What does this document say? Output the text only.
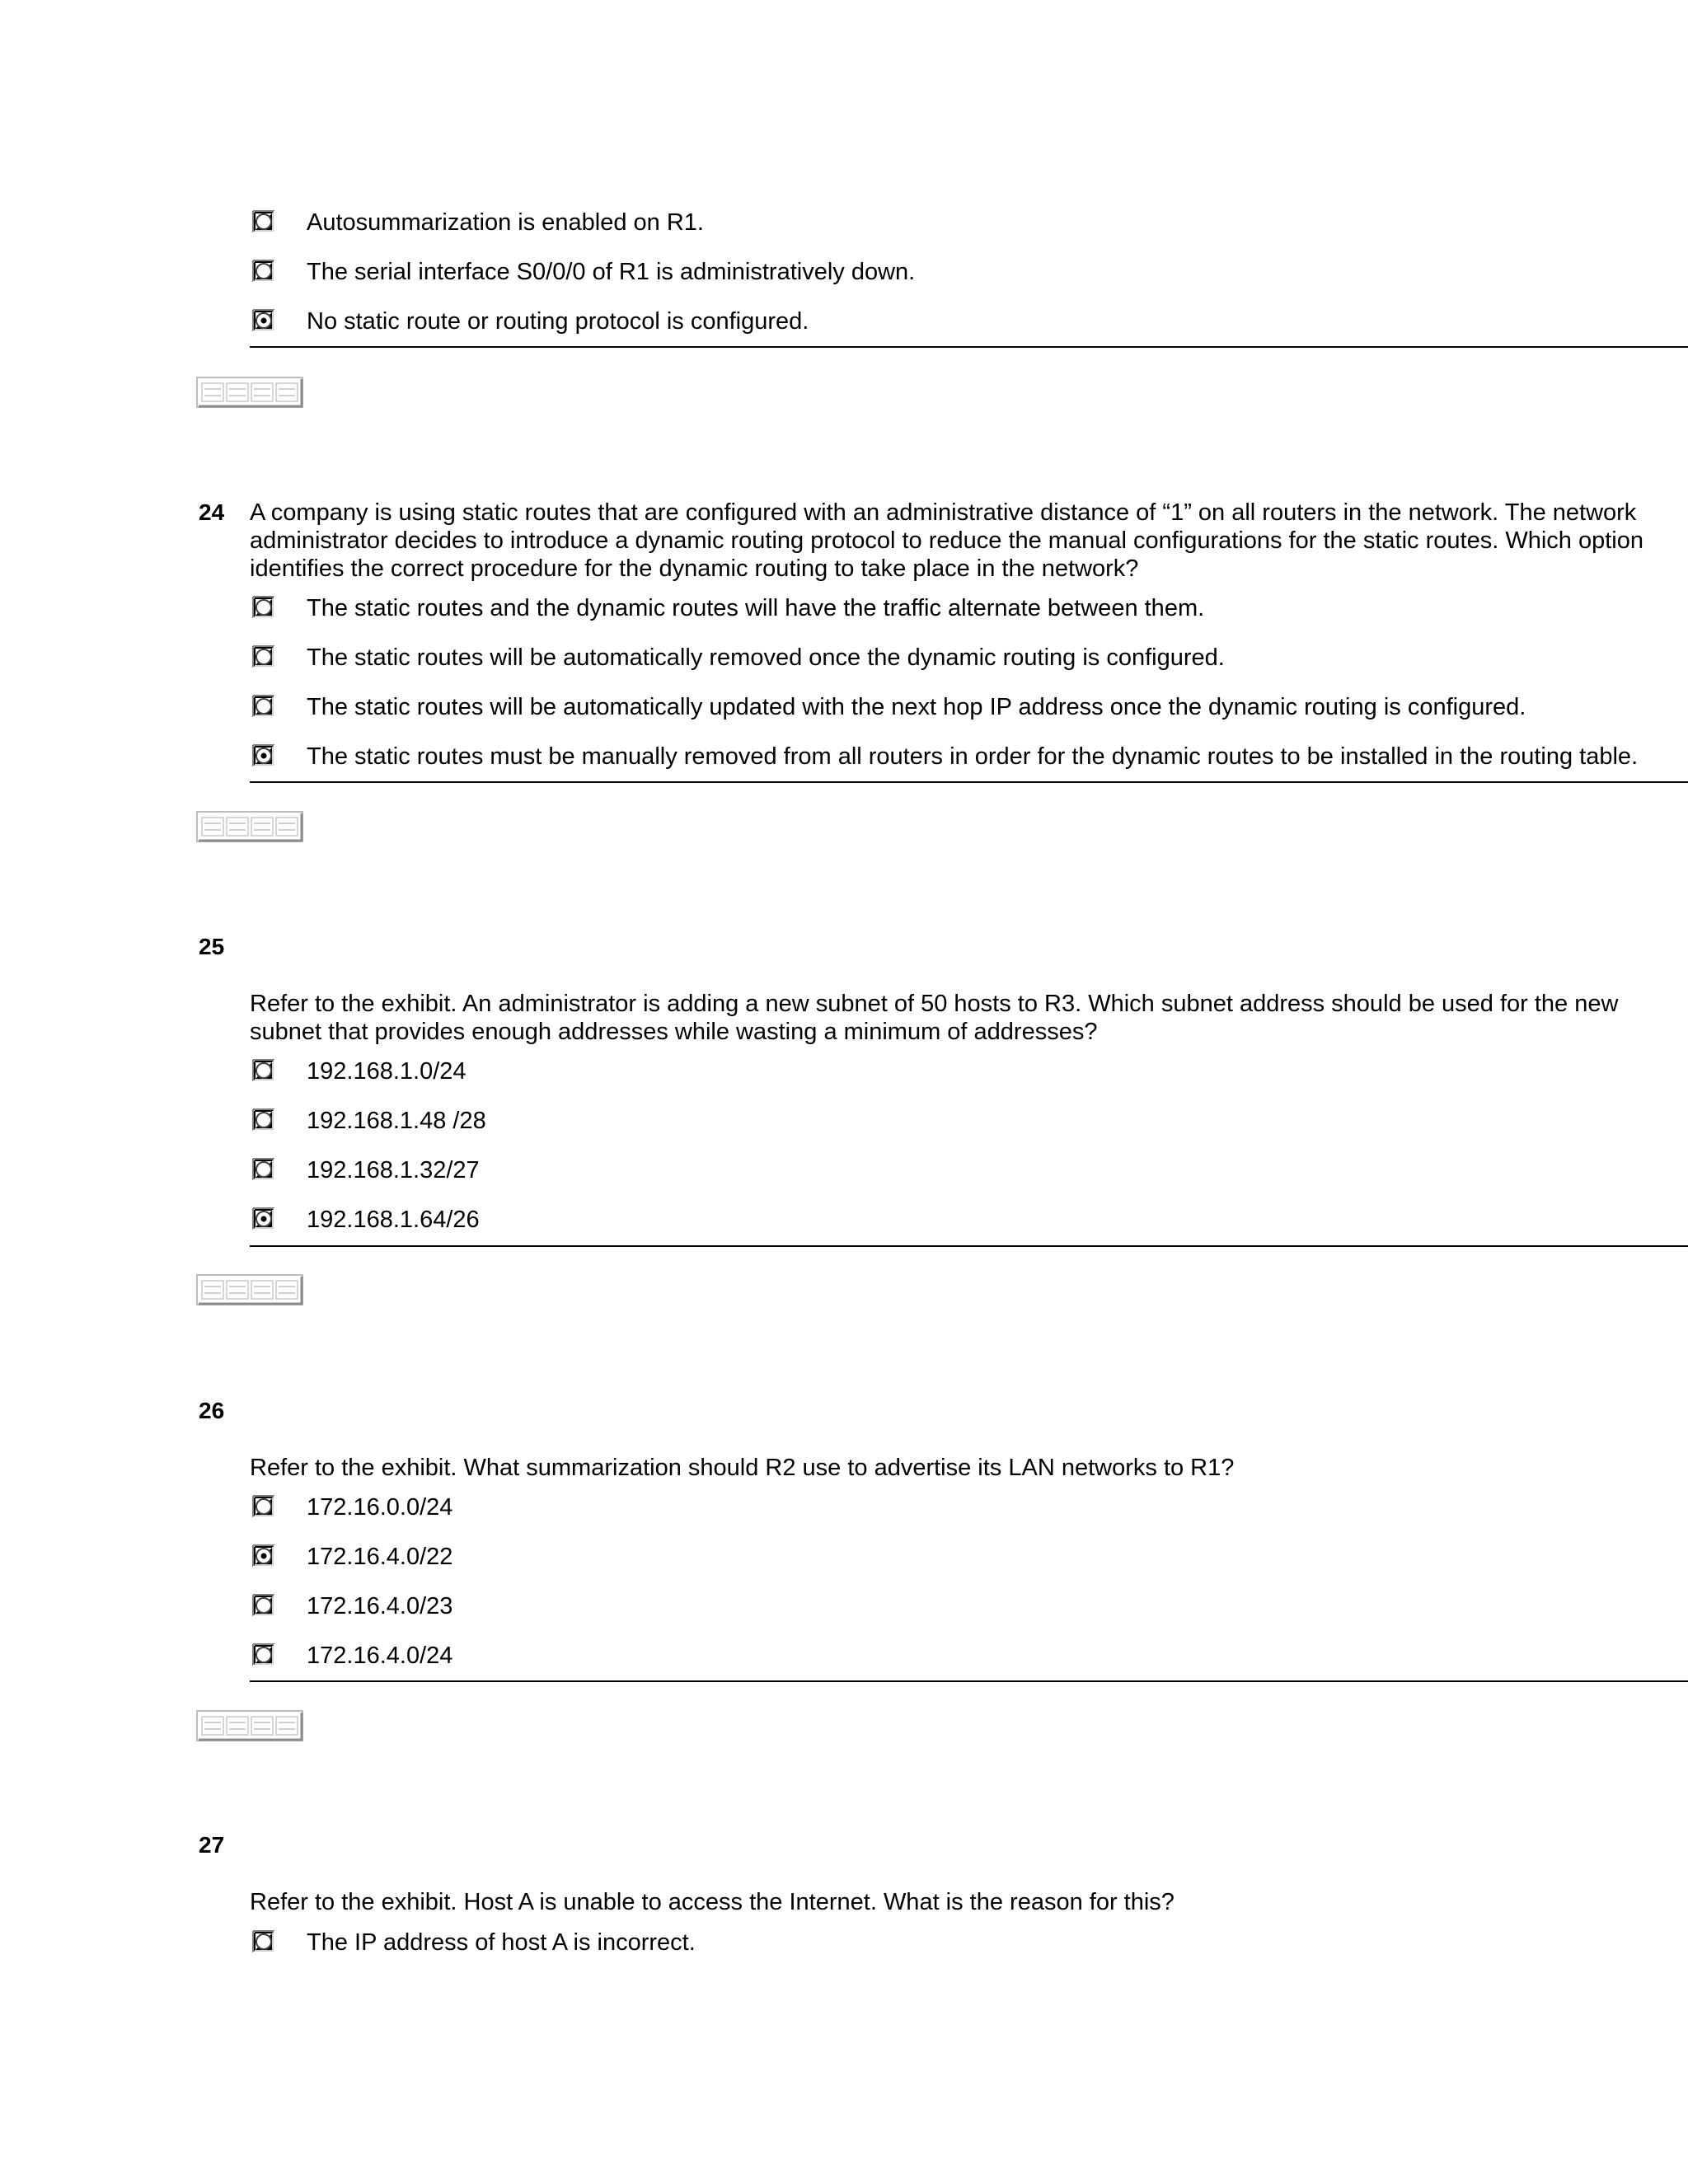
Autosummarization is enabled on R1.
The serial interface S0/0/0 of R1 is administratively down.
No static route or routing protocol is configured.
24 A company is using static routes that are configured with an administrative distance of “1” on all routers in the network. The network
administrator decides to introduce a dynamic routing protocol to reduce the manual configurations for the static routes. Which option
identifies the correct procedure for the dynamic routing to take place in the network?
The static routes and the dynamic routes will have the traffic alternate between them.
The static routes will be automatically removed once the dynamic routing is configured.
The static routes will be automatically updated with the next hop IP address once the dynamic routing is configured.
The static routes must be manually removed from all routers in order for the dynamic routes to be installed in the routing table.
25
Refer to the exhibit. An administrator is adding a new subnet of 50 hosts to R3. Which subnet address should be used for the new
subnet that provides enough addresses while wasting a minimum of addresses?
192.168.1.0/24
192.168.1.48 /28
192.168.1.32/27
192.168.1.64/26
26
Refer to the exhibit. What summarization should R2 use to advertise its LAN networks to R1?
172.16.0.0/24
172.16.4.0/22
172.16.4.0/23
172.16.4.0/24
27
Refer to the exhibit. Host A is unable to access the Internet. What is the reason for this?
The IP address of host A is incorrect.
